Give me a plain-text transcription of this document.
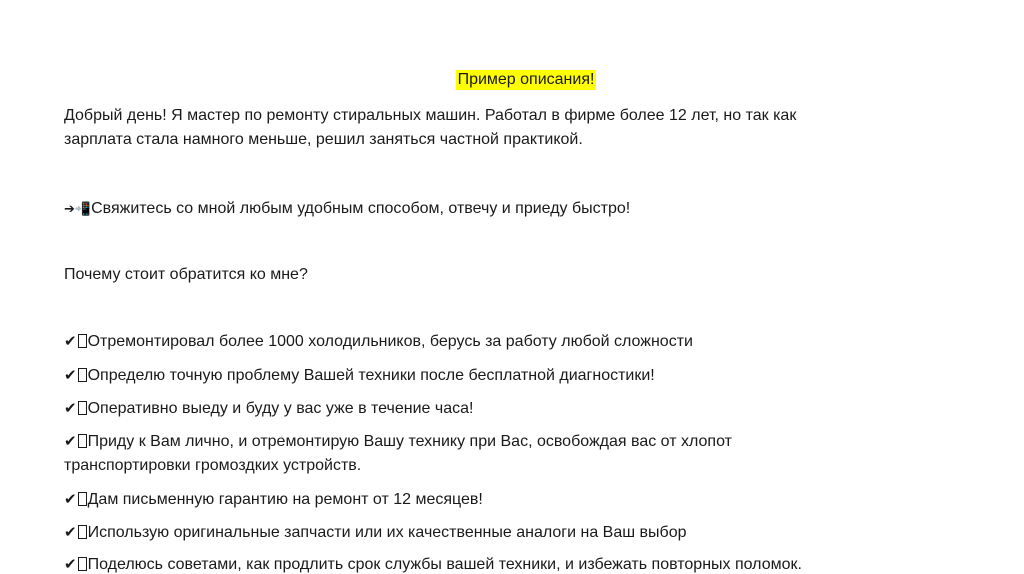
Пример описания!
Добрый день! Я мастер по ремонту стиральных машин. Работал в фирме более 12 лет, но так как
зарплата стала намного меньше, решил заняться частной практикой.
➔📲Свяжитесь со мной любым удобным способом, отвечу и приеду быстро!
Почему стоит обратится ко мне?
✔ Отремонтировал более 1000 холодильников, берусь за работу любой сложности
✔ Определю точную проблему Вашей техники после бесплатной диагностики!
✔ Оперативно выеду и буду у вас уже в течение часа!
✔ Приду к Вам лично, и отремонтирую Вашу технику при Вас, освобождая вас от хлопот
транспортировки громоздких устройств.
✔ Дам письменную гарантию на ремонт от 12 месяцев!
✔ Использую оригинальные запчасти или их качественные аналоги на Ваш выбор
✔ Поделюсь советами, как продлить срок службы вашей техники, и избежать повторных поломок.
